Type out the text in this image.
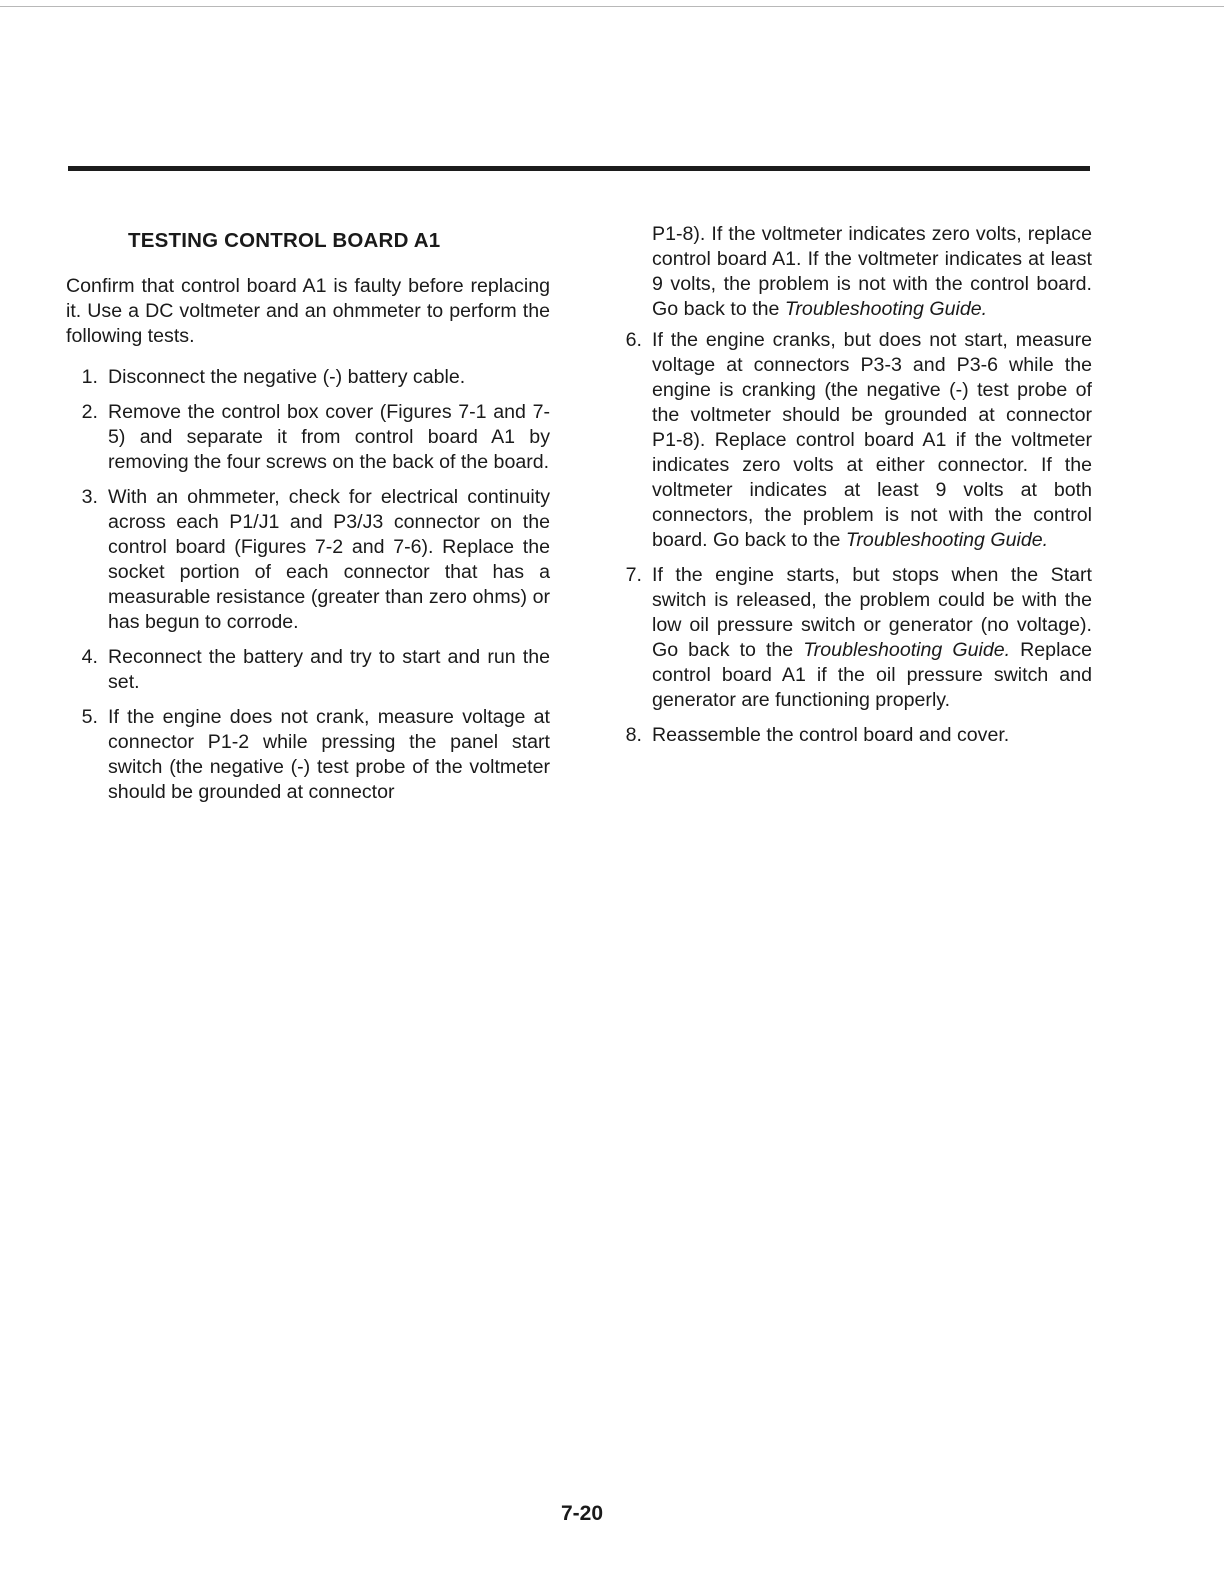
TESTING CONTROL BOARD A1

Confirm that control board A1 is faulty before replacing it. Use a DC voltmeter and an ohmmeter to perform the following tests.

1. Disconnect the negative (-) battery cable.
2. Remove the control box cover (Figures 7-1 and 7-5) and separate it from control board A1 by removing the four screws on the back of the board.
3. With an ohmmeter, check for electrical continuity across each P1/J1 and P3/J3 connector on the control board (Figures 7-2 and 7-6). Replace the socket portion of each connector that has a measurable resistance (greater than zero ohms) or has begun to corrode.
4. Reconnect the battery and try to start and run the set.
5. If the engine does not crank, measure voltage at connector P1-2 while pressing the panel start switch (the negative (-) test probe of the voltmeter should be grounded at connector
P1-8). If the voltmeter indicates zero volts, replace control board A1. If the voltmeter indicates at least 9 volts, the problem is not with the control board. Go back to the Troubleshooting Guide.
6. If the engine cranks, but does not start, measure voltage at connectors P3-3 and P3-6 while the engine is cranking (the negative (-) test probe of the voltmeter should be grounded at connector P1-8). Replace control board A1 if the voltmeter indicates zero volts at either connector. If the voltmeter indicates at least 9 volts at both connectors, the problem is not with the control board. Go back to the Troubleshooting Guide.
7. If the engine starts, but stops when the Start switch is released, the problem could be with the low oil pressure switch or generator (no voltage). Go back to the Troubleshooting Guide. Replace control board A1 if the oil pressure switch and generator are functioning properly.
8. Reassemble the control board and cover.
7-20
